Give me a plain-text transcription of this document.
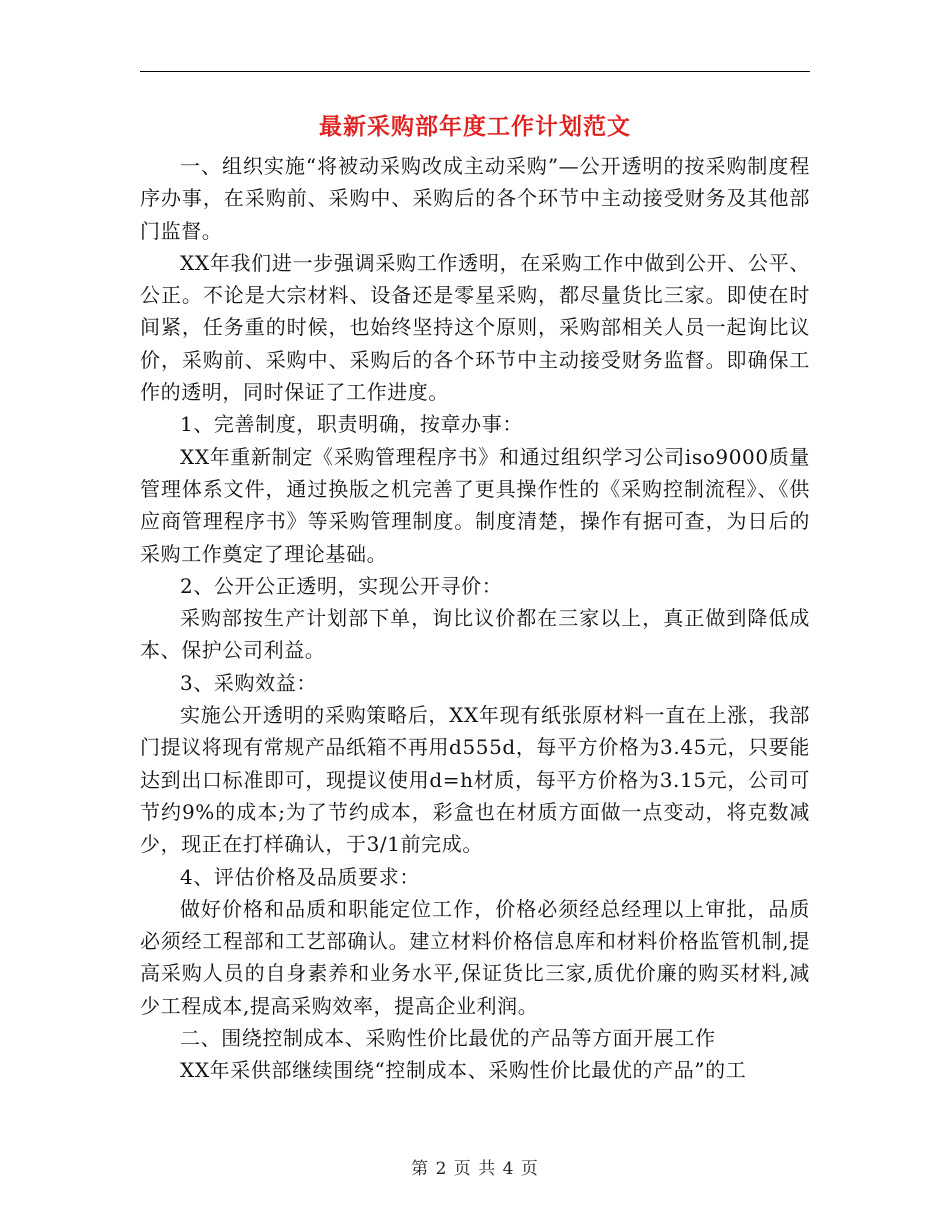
最新采购部年度工作计划范文

一、组织实施“将被动采购改成主动采购”—公开透明的按采购制度程序办事，在采购前、采购中、采购后的各个环节中主动接受财务及其他部门监督。

XX年我们进一步强调采购工作透明，在采购工作中做到公开、公平、公正。不论是大宗材料、设备还是零星采购，都尽量货比三家。即使在时间紧，任务重的时候，也始终坚持这个原则，采购部相关人员一起询比议价，采购前、采购中、采购后的各个环节中主动接受财务监督。即确保工作的透明，同时保证了工作进度。

1、完善制度，职责明确，按章办事：

XX年重新制定《采购管理程序书》和通过组织学习公司iso9000质量管理体系文件，通过换版之机完善了更具操作性的《采购控制流程》、《供应商管理程序书》等采购管理制度。制度清楚，操作有据可查，为日后的采购工作奠定了理论基础。

2、公开公正透明，实现公开寻价：

采购部按生产计划部下单，询比议价都在三家以上，真正做到降低成本、保护公司利益。

3、采购效益：

实施公开透明的采购策略后，XX年现有纸张原材料一直在上涨，我部门提议将现有常规产品纸箱不再用d555d，每平方价格为3.45元，只要能达到出口标准即可，现提议使用d=h材质，每平方价格为3.15元，公司可节约9%的成本;为了节约成本，彩盒也在材质方面做一点变动，将克数减少，现正在打样确认，于3/1前完成。

4、评估价格及品质要求：

做好价格和品质和职能定位工作，价格必须经总经理以上审批，品质必须经工程部和工艺部确认。建立材料价格信息库和材料价格监管机制,提高采购人员的自身素养和业务水平,保证货比三家,质优价廉的购买材料,减少工程成本,提高采购效率，提高企业利润。

二、围绕控制成本、采购性价比最优的产品等方面开展工作

XX年采供部继续围绕“控制成本、采购性价比最优的产品”的工

第 2 页 共 4 页
